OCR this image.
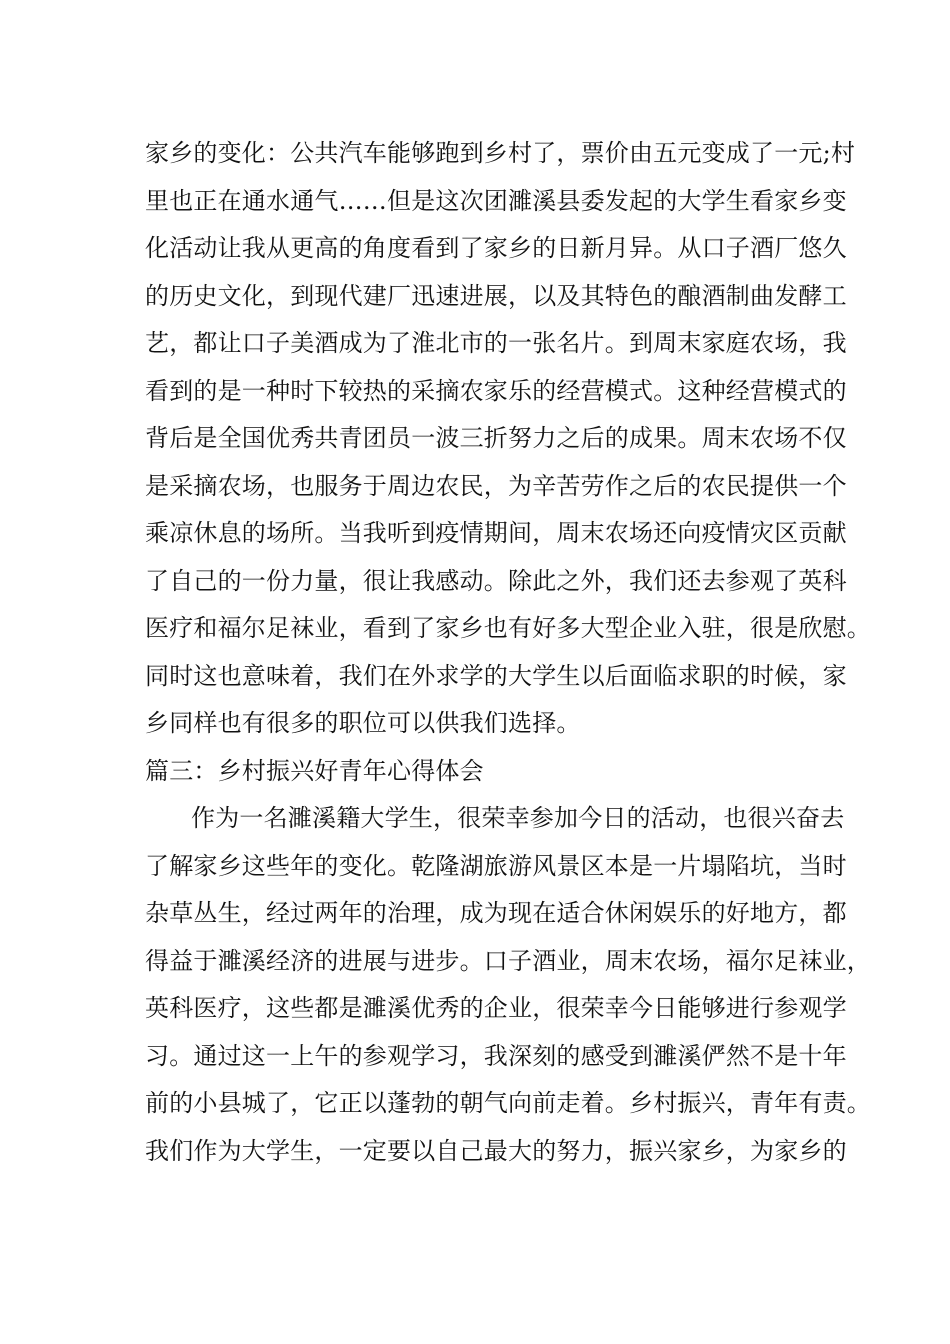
家乡的变化：公共汽车能够跑到乡村了，票价由五元变成了一元;村
里也正在通水通气……但是这次团濉溪县委发起的大学生看家乡变
化活动让我从更高的角度看到了家乡的日新月异。从口子酒厂悠久
的历史文化，到现代建厂迅速进展，以及其特色的酿酒制曲发酵工
艺，都让口子美酒成为了淮北市的一张名片。到周末家庭农场，我
看到的是一种时下较热的采摘农家乐的经营模式。这种经营模式的
背后是全国优秀共青团员一波三折努力之后的成果。周末农场不仅
是采摘农场，也服务于周边农民，为辛苦劳作之后的农民提供一个
乘凉休息的场所。当我听到疫情期间，周末农场还向疫情灾区贡献
了自己的一份力量，很让我感动。除此之外，我们还去参观了英科
医疗和福尔足袜业，看到了家乡也有好多大型企业入驻，很是欣慰。
同时这也意味着，我们在外求学的大学生以后面临求职的时候，家
乡同样也有很多的职位可以供我们选择。
篇三：乡村振兴好青年心得体会
作为一名濉溪籍大学生，很荣幸参加今日的活动，也很兴奋去
了解家乡这些年的变化。乾隆湖旅游风景区本是一片塌陷坑，当时
杂草丛生，经过两年的治理，成为现在适合休闲娱乐的好地方，都
得益于濉溪经济的进展与进步。口子酒业，周末农场，福尔足袜业，
英科医疗，这些都是濉溪优秀的企业，很荣幸今日能够进行参观学
习。通过这一上午的参观学习，我深刻的感受到濉溪俨然不是十年
前的小县城了，它正以蓬勃的朝气向前走着。乡村振兴，青年有责。
我们作为大学生，一定要以自己最大的努力，振兴家乡，为家乡的
